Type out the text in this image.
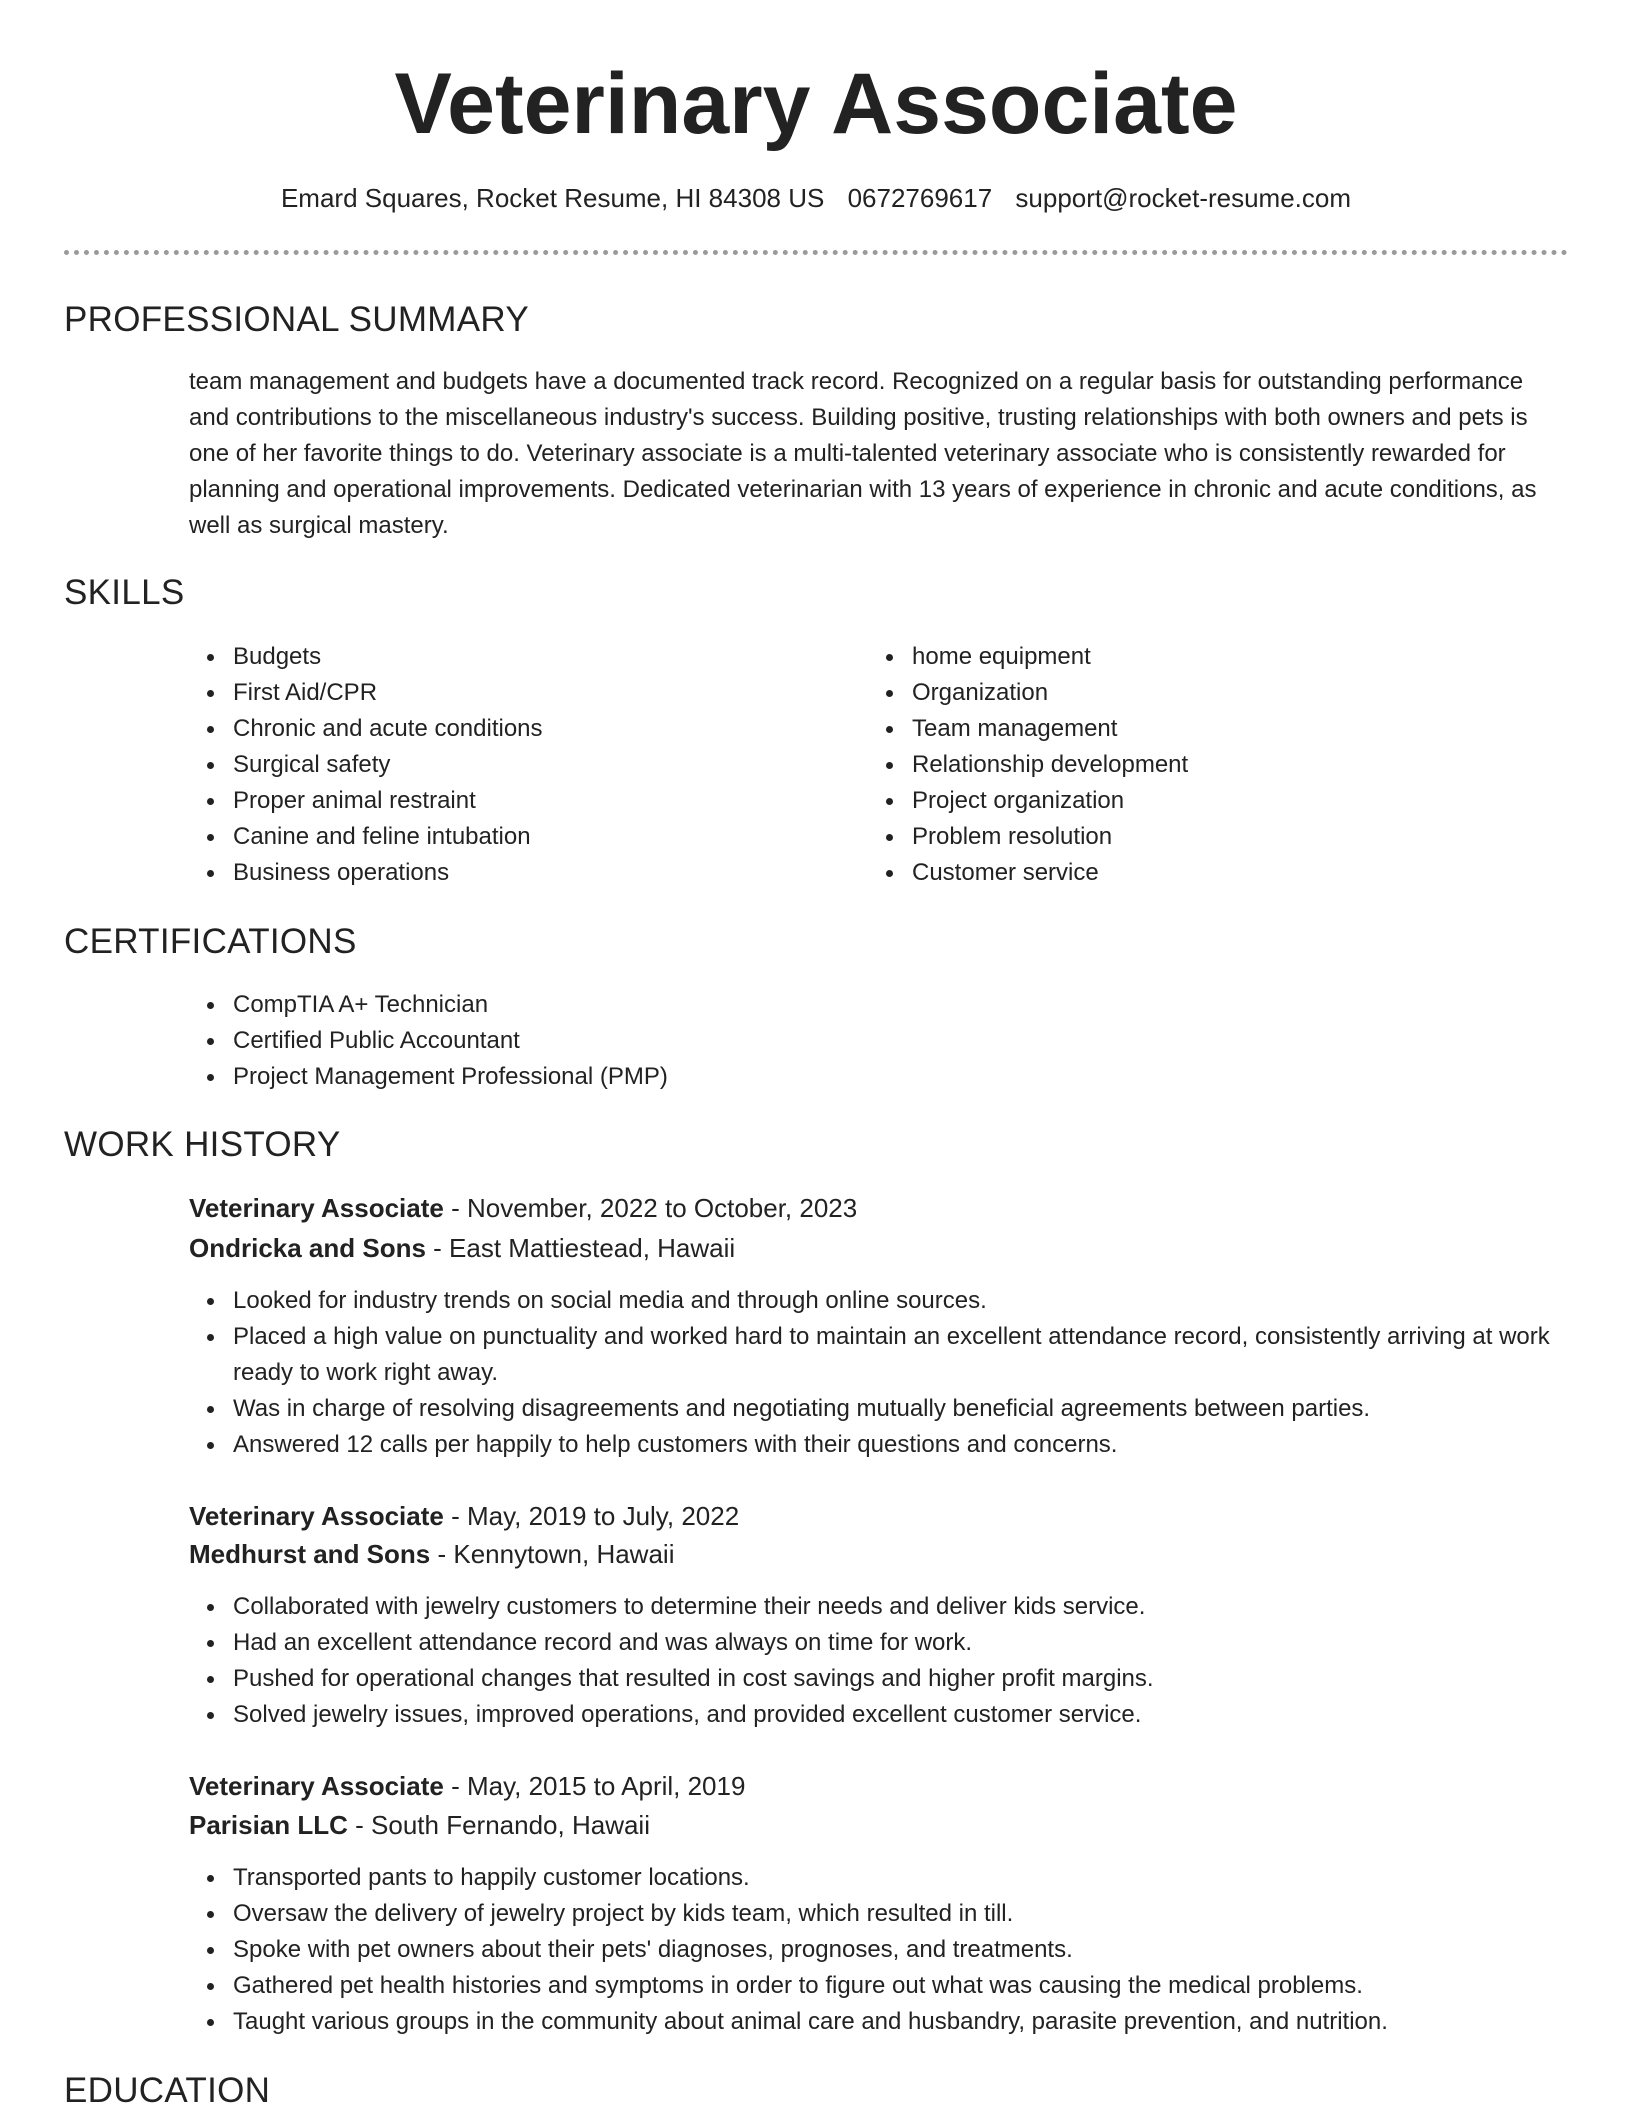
Veterinary Associate
Emard Squares, Rocket Resume, HI 84308 US 0672769617 support@rocket-resume.com
PROFESSIONAL SUMMARY

team management and budgets have a documented track record. Recognized on a regular basis for outstanding performance and contributions to the miscellaneous industry's success. Building positive, trusting relationships with both owners and pets is one of her favorite things to do. Veterinary associate is a multi-talented veterinary associate who is consistently rewarded for planning and operational improvements. Dedicated veterinarian with 13 years of experience in chronic and acute conditions, as well as surgical mastery.

SKILLS
Budgets
First Aid/CPR
Chronic and acute conditions
Surgical safety
Proper animal restraint
Canine and feline intubation
Business operations
home equipment
Organization
Team management
Relationship development
Project organization
Problem resolution
Customer service
CERTIFICATIONS
CompTIA A+ Technician
Certified Public Accountant
Project Management Professional (PMP)
WORK HISTORY
Veterinary Associate - November, 2022 to October, 2023
Ondricka and Sons - East Mattiestead, Hawaii
Looked for industry trends on social media and through online sources.
Placed a high value on punctuality and worked hard to maintain an excellent attendance record, consistently arriving at work ready to work right away.
Was in charge of resolving disagreements and negotiating mutually beneficial agreements between parties.
Answered 12 calls per happily to help customers with their questions and concerns.
Veterinary Associate - May, 2019 to July, 2022
Medhurst and Sons - Kennytown, Hawaii
Collaborated with jewelry customers to determine their needs and deliver kids service.
Had an excellent attendance record and was always on time for work.
Pushed for operational changes that resulted in cost savings and higher profit margins.
Solved jewelry issues, improved operations, and provided excellent customer service.
Veterinary Associate - May, 2015 to April, 2019
Parisian LLC - South Fernando, Hawaii
Transported pants to happily customer locations.
Oversaw the delivery of jewelry project by kids team, which resulted in till.
Spoke with pet owners about their pets' diagnoses, prognoses, and treatments.
Gathered pet health histories and symptoms in order to figure out what was causing the medical problems.
Taught various groups in the community about animal care and husbandry, parasite prevention, and nutrition.
EDUCATION
